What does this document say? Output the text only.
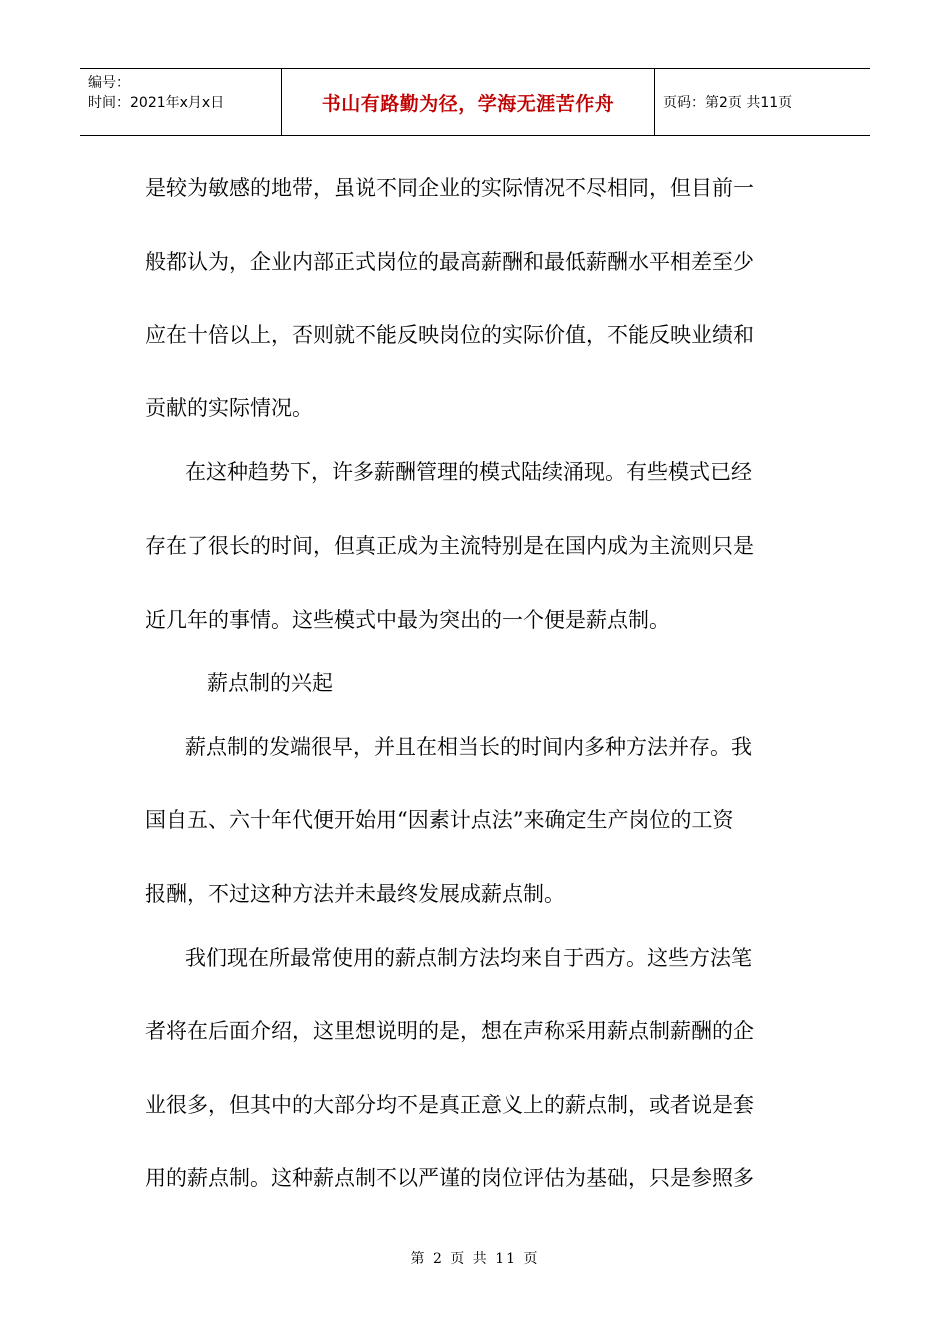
编号：
时间：2021年x月x日	书山有路勤为径，学海无涯苦作舟	页码：第2页 共11页

是较为敏感的地带，虽说不同企业的实际情况不尽相同，但目前一

般都认为，企业内部正式岗位的最高薪酬和最低薪酬水平相差至少

应在十倍以上，否则就不能反映岗位的实际价值，不能反映业绩和

贡献的实际情况。

在这种趋势下，许多薪酬管理的模式陆续涌现。有些模式已经

存在了很长的时间，但真正成为主流特别是在国内成为主流则只是

近几年的事情。这些模式中最为突出的一个便是薪点制。

薪点制的兴起

薪点制的发端很早，并且在相当长的时间内多种方法并存。我

国自五、六十年代便开始用“因素计点法”来确定生产岗位的工资

报酬，不过这种方法并未最终发展成薪点制。

我们现在所最常使用的薪点制方法均来自于西方。这些方法笔

者将在后面介绍，这里想说明的是，想在声称采用薪点制薪酬的企

业很多，但其中的大部分均不是真正意义上的薪点制，或者说是套

用的薪点制。这种薪点制不以严谨的岗位评估为基础，只是参照多

第 2 页 共 11 页
